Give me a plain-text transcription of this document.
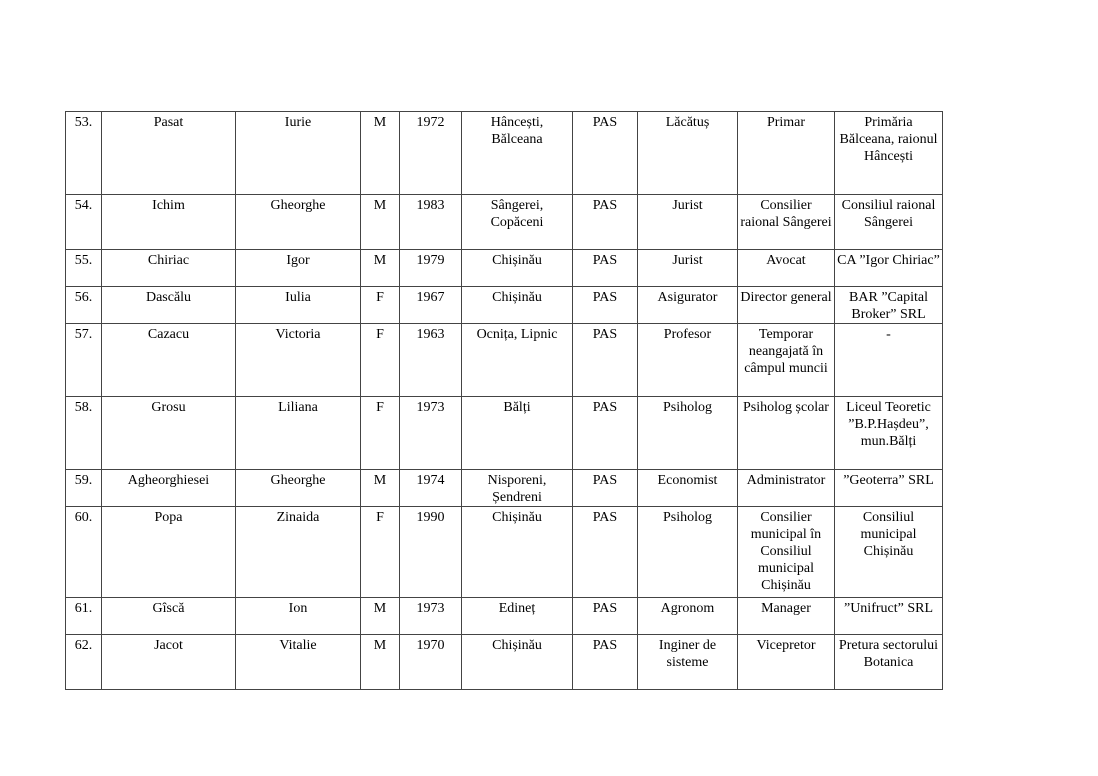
53.	Pasat	Iurie	M	1972	Hâncești, Bălceana	PAS	Lăcătuș	Primar	Primăria Bălceana, raionul Hâncești
54.	Ichim	Gheorghe	M	1983	Sângerei, Copăceni	PAS	Jurist	Consilier raional Sângerei	Consiliul raional Sângerei
55.	Chiriac	Igor	M	1979	Chișinău	PAS	Jurist	Avocat	CA ”Igor Chiriac”
56.	Dascălu	Iulia	F	1967	Chișinău	PAS	Asigurator	Director general	BAR ”Capital Broker” SRL
57.	Cazacu	Victoria	F	1963	Ocnița, Lipnic	PAS	Profesor	Temporar neangajată în câmpul muncii	-
58.	Grosu	Liliana	F	1973	Bălți	PAS	Psiholog	Psiholog școlar	Liceul Teoretic ”B.P.Hașdeu”, mun.Bălți
59.	Agheorghiesei	Gheorghe	M	1974	Nisporeni, Șendreni	PAS	Economist	Administrator	”Geoterra” SRL
60.	Popa	Zinaida	F	1990	Chișinău	PAS	Psiholog	Consilier municipal în Consiliul municipal Chișinău	Consiliul municipal Chișinău
61.	Gîscă	Ion	M	1973	Edineț	PAS	Agronom	Manager	”Unifruct” SRL
62.	Jacot	Vitalie	M	1970	Chișinău	PAS	Inginer de sisteme	Vicepretor	Pretura sectorului Botanica
